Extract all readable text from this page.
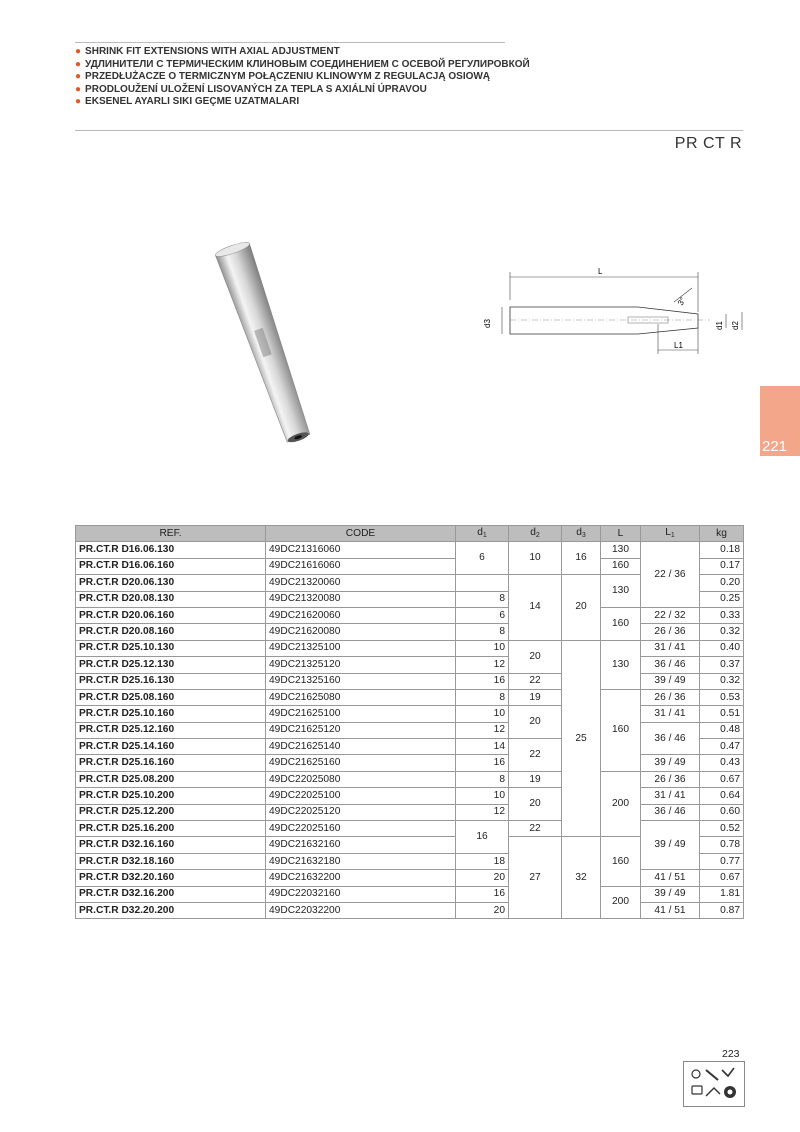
● SHRINK FIT EXTENSIONS WITH AXIAL ADJUSTMENT
● УДЛИНИТЕЛИ С ТЕРМИЧЕСКИМ КЛИНОВЫМ СОЕДИНЕНИЕМ С ОСЕВОЙ РЕГУЛИРОВКОЙ
● PRZEDŁUŻACZE O TERMICZNYM POŁĄCZENIU KLINOWYM Z REGULACJĄ OSIOWĄ
● PRODLOUŽENÍ ULOŽENÍ LISOVANÝCH ZA TEPLA S AXIÁLNÍ ÚPRAVOU
● EKSENEL AYARLI SIKI GEÇME UZATMALARI
PR CT R
221
L
L1
d3	d1 d2
3°
REF.	CODE	$d_1$	$d_2$	$d_3$	L	$L_1$	kg
PR.CT.R D16.06.130	49DC21316060	6	10	16	130	22 / 36	0.18
PR.CT.R D16.06.160	49DC21616060				160		0.17
PR.CT.R D20.06.130	49DC21320060		14	20	130		0.20
PR.CT.R D20.08.130	49DC21320080	8					0.25
PR.CT.R D20.06.160	49DC21620060	6			160	22 / 32	0.33
PR.CT.R D20.08.160	49DC21620080	8				26 / 36	0.32
PR.CT.R D25.10.130	49DC21325100	10	20	25	130	31 / 41	0.40
PR.CT.R D25.12.130	49DC21325120	12				36 / 46	0.37
PR.CT.R D25.16.130	49DC21325160	16	22			39 / 49	0.32
PR.CT.R D25.08.160	49DC21625080	8	19		160	26 / 36	0.53
PR.CT.R D25.10.160	49DC21625100	10	20			31 / 41	0.51
PR.CT.R D25.12.160	49DC21625120	12				36 / 46	0.48
PR.CT.R D25.14.160	49DC21625140	14	22				0.47
PR.CT.R D25.16.160	49DC21625160	16				39 / 49	0.43
PR.CT.R D25.08.200	49DC22025080	8	19		200	26 / 36	0.67
PR.CT.R D25.10.200	49DC22025100	10	20			31 / 41	0.64
PR.CT.R D25.12.200	49DC22025120	12				36 / 46	0.60
PR.CT.R D25.16.200	49DC22025160	16	22			39 / 49	0.52
PR.CT.R D32.16.160	49DC21632160		27	32	160		0.78
PR.CT.R D32.18.160	49DC21632180	18					0.77
PR.CT.R D32.20.160	49DC21632200	20				41 / 51	0.67
PR.CT.R D32.16.200	49DC22032160	16			200	39 / 49	1.81
PR.CT.R D32.20.200	49DC22032200	20				41 / 51	0.87
223
